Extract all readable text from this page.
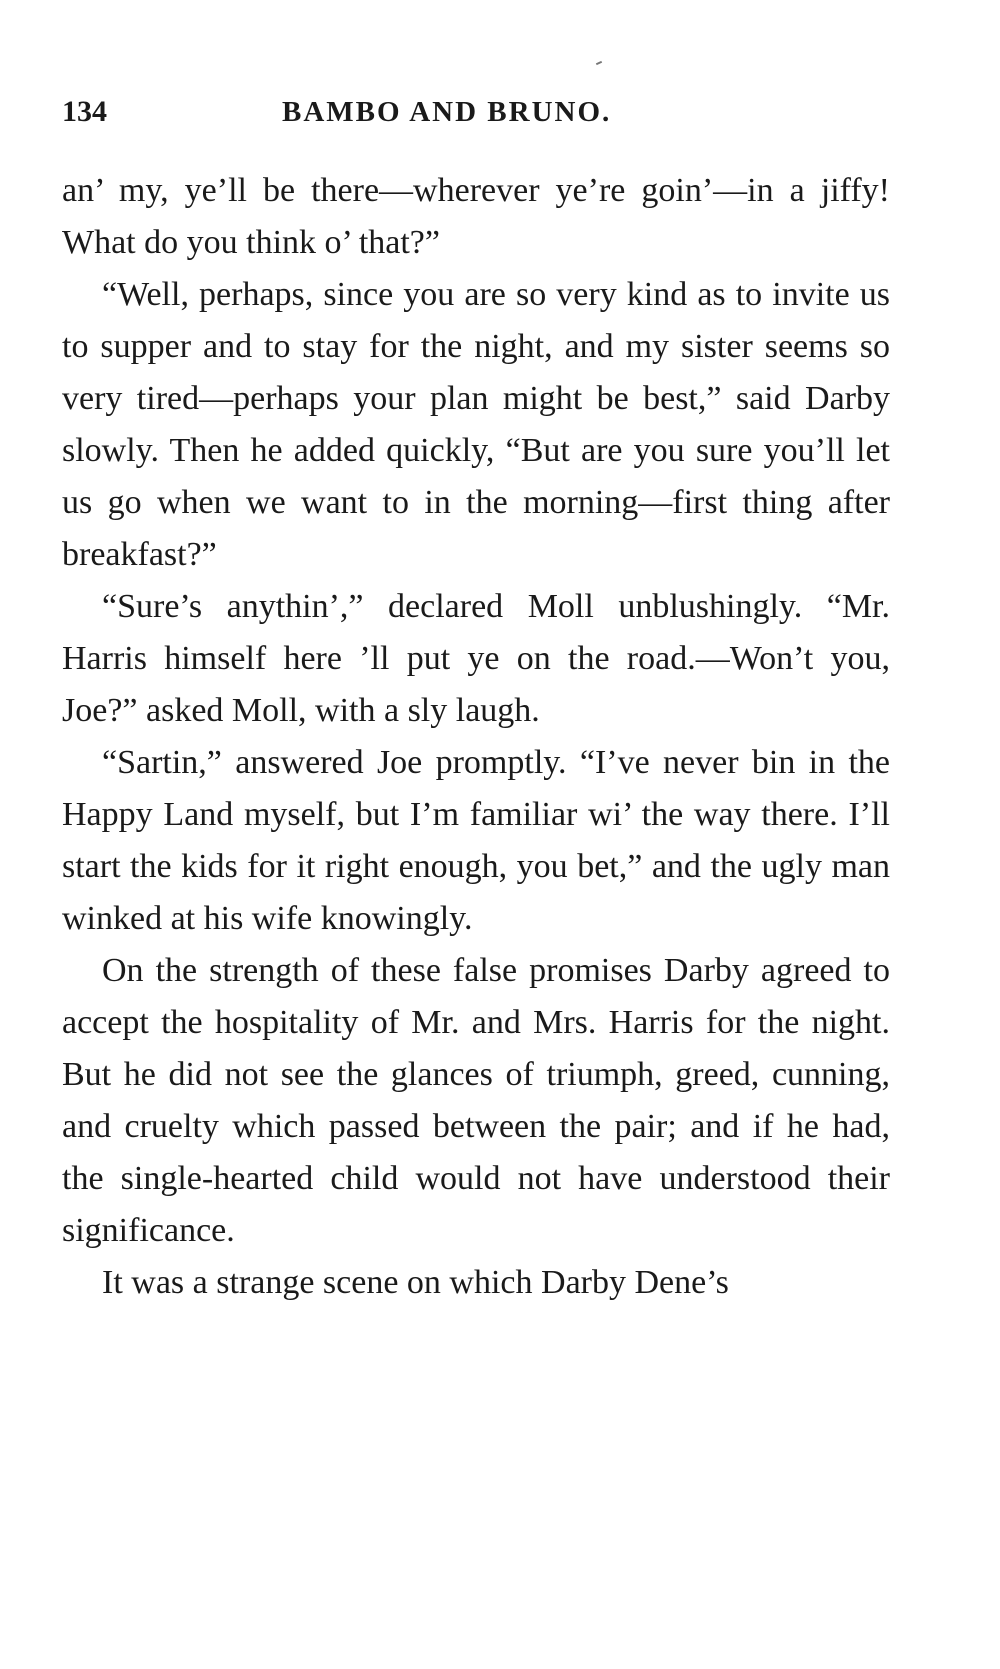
134	BAMBO AND BRUNO.

an’ my, ye’ll be there—wherever ye’re goin’—in a jiffy! What do you think o’ that?”

“Well, perhaps, since you are so very kind as to invite us to supper and to stay for the night, and my sister seems so very tired—perhaps your plan might be best,” said Darby slowly. Then he added quickly, “But are you sure you’ll let us go when we want to in the morning—first thing after breakfast?”

“Sure’s anythin’,” declared Moll unblushingly. “Mr. Harris himself here ’ll put ye on the road.—Won’t you, Joe?” asked Moll, with a sly laugh.

“Sartin,” answered Joe promptly. “I’ve never bin in the Happy Land myself, but I’m familiar wi’ the way there. I’ll start the kids for it right enough, you bet,” and the ugly man winked at his wife knowingly.

On the strength of these false promises Darby agreed to accept the hospitality of Mr. and Mrs. Harris for the night. But he did not see the glances of triumph, greed, cunning, and cruelty which passed between the pair; and if he had, the single-hearted child would not have understood their significance.

It was a strange scene on which Darby Dene’s
